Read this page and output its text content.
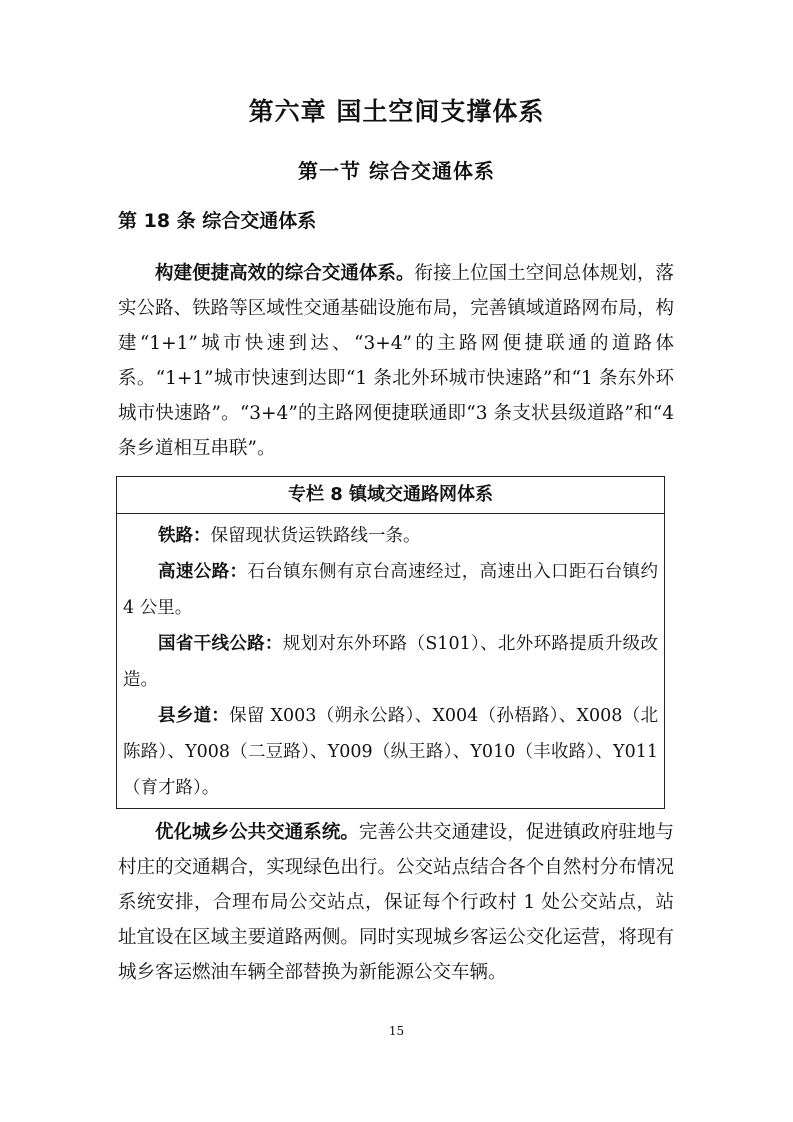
第六章 国土空间支撑体系
第一节 综合交通体系
第 18 条 综合交通体系

构建便捷高效的综合交通体系。衔接上位国土空间总体规划，落实公路、铁路等区域性交通基础设施布局，完善镇域道路网布局，构建“1+1”城市快速到达、“3+4”的主路网便捷联通的道路体系。“1+1”城市快速到达即“1 条北外环城市快速路”和“1 条东外环城市快速路”。“3+4”的主路网便捷联通即“3 条支状县级道路”和“4 条乡道相互串联”。

专栏 8 镇域交通路网体系

铁路：保留现状货运铁路线一条。

高速公路：石台镇东侧有京台高速经过，高速出入口距石台镇约 4 公里。

国省干线公路：规划对东外环路（S101）、北外环路提质升级改造。

县乡道：保留 X003（朔永公路）、X004（孙梧路）、X008（北陈路）、Y008（二豆路）、Y009（纵王路）、Y010（丰收路）、Y011（育才路）。

优化城乡公共交通系统。完善公共交通建设，促进镇政府驻地与村庄的交通耦合，实现绿色出行。公交站点结合各个自然村分布情况系统安排，合理布局公交站点，保证每个行政村 1 处公交站点，站址宜设在区域主要道路两侧。同时实现城乡客运公交化运营，将现有城乡客运燃油车辆全部替换为新能源公交车辆。

15
